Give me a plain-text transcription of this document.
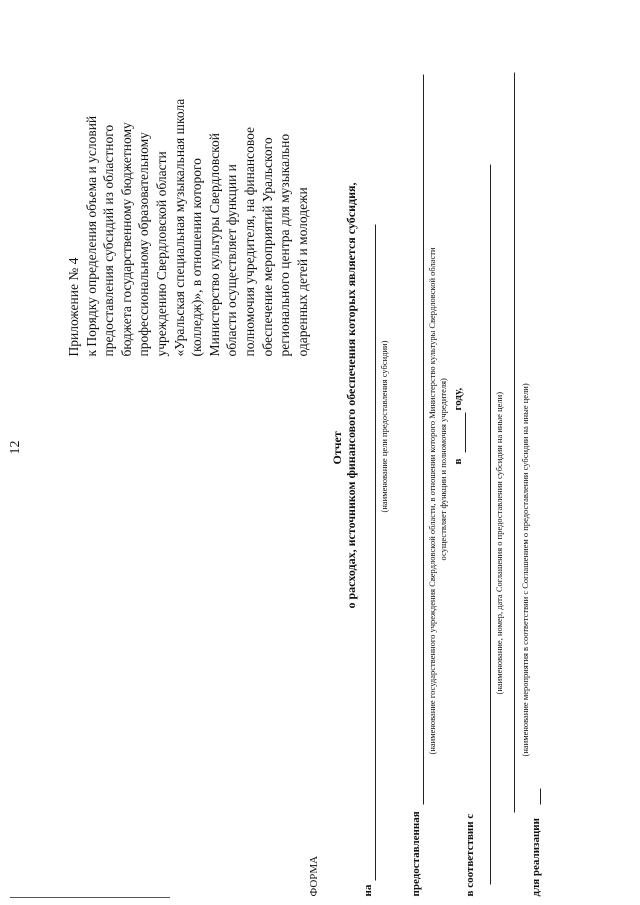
12
Приложение № 4 к Порядку определения объема и условий предоставления субсидий из областного бюджета государственному бюджетному профессиональному образовательному учреждению Свердловской области «Уральская специальная музыкальная школа (колледж)», в отношении которого Министерство культуры Свердловской области осуществляет функции и полномочия учредителя, на финансовое обеспечение мероприятий Уральского регионального центра для музыкально одаренных детей и молодежи
ФОРМА
Отчет о расходах, источником финансового обеспечения которых является субсидия,
на
(наименование цели предоставления субсидии)
предоставленная
(наименование государственного учреждения Свердловской области, в отношении которого Министерство культуры Свердловской области осуществляет функции и полномочия учредителя) в
году,
в соответствии с
(наименование, номер, дата Соглашения о предоставлении субсидии на иные цели)
для реализации
(наименование мероприятия в соответствии с Соглашением о предоставлении субсидии на иные цели)
